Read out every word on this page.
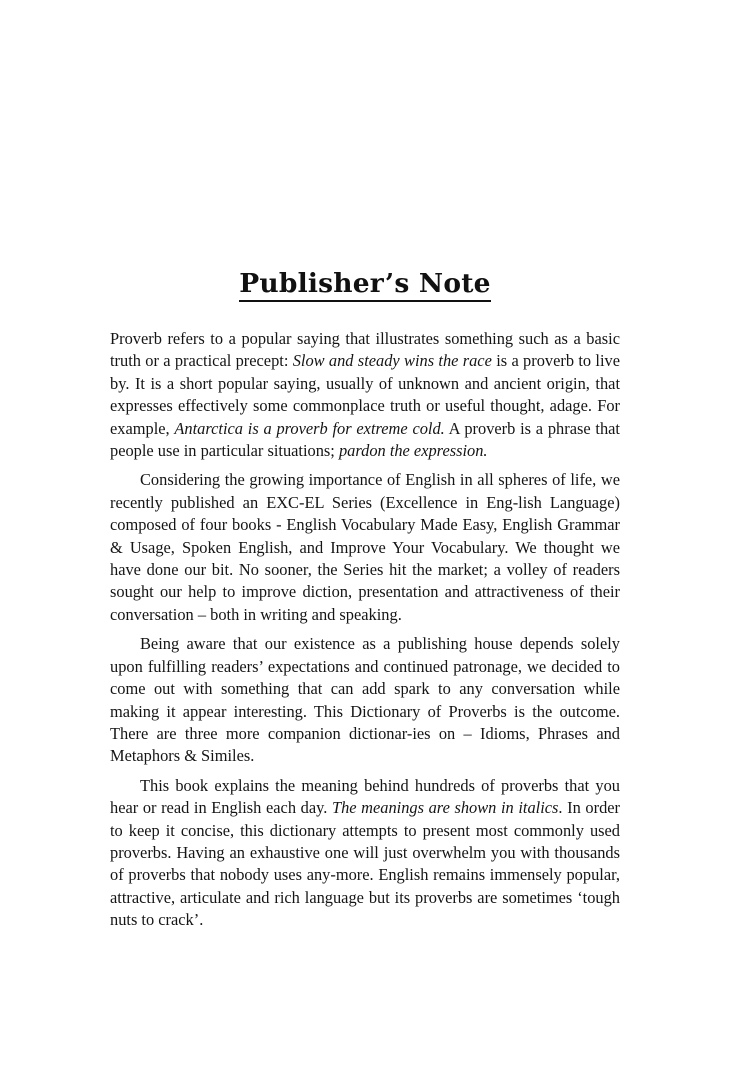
Publisher’s Note

Proverb refers to a popular saying that illustrates something such as a basic truth or a practical precept: Slow and steady wins the race is a proverb to live by. It is a short popular saying, usually of unknown and ancient origin, that expresses effectively some commonplace truth or useful thought, adage. For example, Antarctica is a proverb for extreme cold. A proverb is a phrase that people use in particular situations; pardon the expression.

Considering the growing importance of English in all spheres of life, we recently published an EXC-EL Series (Excellence in Eng-lish Language) composed of four books - English Vocabulary Made Easy, English Grammar & Usage, Spoken English, and Improve Your Vocabulary. We thought we have done our bit. No sooner, the Series hit the market; a volley of readers sought our help to improve diction, presentation and attractiveness of their conversation – both in writing and speaking.

Being aware that our existence as a publishing house depends solely upon fulfilling readers’ expectations and continued patronage, we decided to come out with something that can add spark to any conversation while making it appear interesting. This Dictionary of Proverbs is the outcome. There are three more companion dictionar-ies on – Idioms, Phrases and Metaphors & Similes.

This book explains the meaning behind hundreds of proverbs that you hear or read in English each day. The meanings are shown in italics. In order to keep it concise, this dictionary attempts to present most commonly used proverbs. Having an exhaustive one will just overwhelm you with thousands of proverbs that nobody uses any-more. English remains immensely popular, attractive, articulate and rich language but its proverbs are sometimes ‘tough nuts to crack’.
